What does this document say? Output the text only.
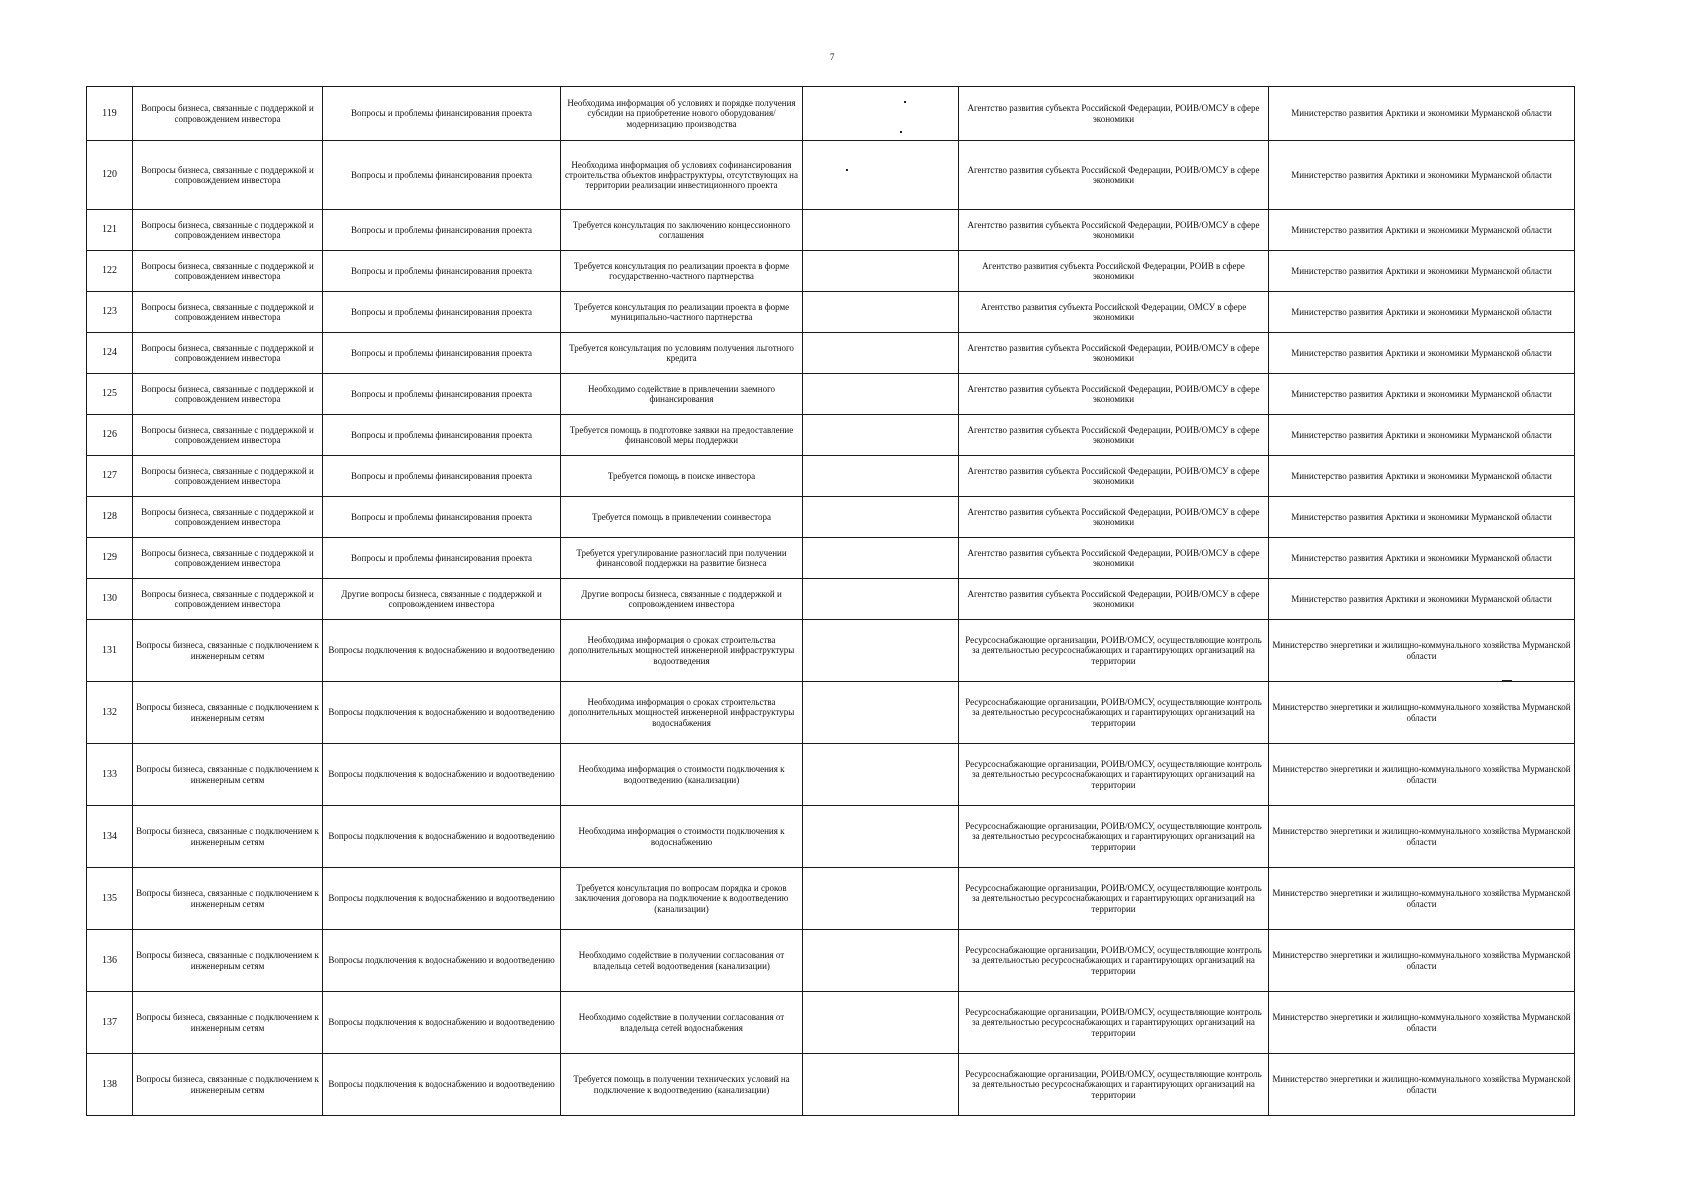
7
119	Вопросы бизнеса, связанные с поддержкой и сопровождением инвестора	Вопросы и проблемы финансирования проекта	Необходима информация об условиях и порядке получения субсидии на приобретение нового оборудования/модернизацию производства		Агентство развития субъекта Российской Федерации, РОИВ/ОМСУ в сфере экономики	Министерство развития Арктики и экономики Мурманской области
120	Вопросы бизнеса, связанные с поддержкой и сопровождением инвестора	Вопросы и проблемы финансирования проекта	Необходима информация об условиях софинансирования строительства объектов инфраструктуры, отсутствующих на территории реализации инвестиционного проекта		Агентство развития субъекта Российской Федерации, РОИВ/ОМСУ в сфере экономики	Министерство развития Арктики и экономики Мурманской области
121	Вопросы бизнеса, связанные с поддержкой и сопровождением инвестора	Вопросы и проблемы финансирования проекта	Требуется консультация по заключению концессионного соглашения		Агентство развития субъекта Российской Федерации, РОИВ/ОМСУ в сфере экономики	Министерство развития Арктики и экономики Мурманской области
122	Вопросы бизнеса, связанные с поддержкой и сопровождением инвестора	Вопросы и проблемы финансирования проекта	Требуется консультация по реализации проекта в форме государственно-частного партнерства		Агентство развития субъекта Российской Федерации, РОИВ в сфере экономики	Министерство развития Арктики и экономики Мурманской области
123	Вопросы бизнеса, связанные с поддержкой и сопровождением инвестора	Вопросы и проблемы финансирования проекта	Требуется консультация по реализации проекта в форме муниципально-частного партнерства		Агентство развития субъекта Российской Федерации, ОМСУ в сфере экономики	Министерство развития Арктики и экономики Мурманской области
124	Вопросы бизнеса, связанные с поддержкой и сопровождением инвестора	Вопросы и проблемы финансирования проекта	Требуется консультация по условиям получения льготного кредита		Агентство развития субъекта Российской Федерации, РОИВ/ОМСУ в сфере экономики	Министерство развития Арктики и экономики Мурманской области
125	Вопросы бизнеса, связанные с поддержкой и сопровождением инвестора	Вопросы и проблемы финансирования проекта	Необходимо содействие в привлечении заемного финансирования		Агентство развития субъекта Российской Федерации, РОИВ/ОМСУ в сфере экономики	Министерство развития Арктики и экономики Мурманской области
126	Вопросы бизнеса, связанные с поддержкой и сопровождением инвестора	Вопросы и проблемы финансирования проекта	Требуется помощь в подготовке заявки на предоставление финансовой меры поддержки		Агентство развития субъекта Российской Федерации, РОИВ/ОМСУ в сфере экономики	Министерство развития Арктики и экономики Мурманской области
127	Вопросы бизнеса, связанные с поддержкой и сопровождением инвестора	Вопросы и проблемы финансирования проекта	Требуется помощь в поиске инвестора		Агентство развития субъекта Российской Федерации, РОИВ/ОМСУ в сфере экономики	Министерство развития Арктики и экономики Мурманской области
128	Вопросы бизнеса, связанные с поддержкой и сопровождением инвестора	Вопросы и проблемы финансирования проекта	Требуется помощь в привлечении соинвестора		Агентство развития субъекта Российской Федерации, РОИВ/ОМСУ в сфере экономики	Министерство развития Арктики и экономики Мурманской области
129	Вопросы бизнеса, связанные с поддержкой и сопровождением инвестора	Вопросы и проблемы финансирования проекта	Требуется урегулирование разногласий при получении финансовой поддержки на развитие бизнеса		Агентство развития субъекта Российской Федерации, РОИВ/ОМСУ в сфере экономики	Министерство развития Арктики и экономики Мурманской области
130	Вопросы бизнеса, связанные с поддержкой и сопровождением инвестора	Другие вопросы бизнеса, связанные с поддержкой и сопровождением инвестора	Другие вопросы бизнеса, связанные с поддержкой и сопровождением инвестора		Агентство развития субъекта Российской Федерации, РОИВ/ОМСУ в сфере экономики	Министерство развития Арктики и экономики Мурманской области
131	Вопросы бизнеса, связанные с подключением к инженерным сетям	Вопросы подключения к водоснабжению и водоотведению	Необходима информация о сроках строительства дополнительных мощностей инженерной инфраструктуры водоотведения		Ресурсоснабжающие организации, РОИВ/ОМСУ, осуществляющие контроль за деятельностью ресурсоснабжающих и гарантирующих организаций на территории	Министерство энергетики и жилищно-коммунального хозяйства Мурманской области
132	Вопросы бизнеса, связанные с подключением к инженерным сетям	Вопросы подключения к водоснабжению и водоотведению	Необходима информация о сроках строительства дополнительных мощностей инженерной инфраструктуры водоснабжения		Ресурсоснабжающие организации, РОИВ/ОМСУ, осуществляющие контроль за деятельностью ресурсоснабжающих и гарантирующих организаций на территории	Министерство энергетики и жилищно-коммунального хозяйства Мурманской области
133	Вопросы бизнеса, связанные с подключением к инженерным сетям	Вопросы подключения к водоснабжению и водоотведению	Необходима информация о стоимости подключения к водоотведению (канализации)		Ресурсоснабжающие организации, РОИВ/ОМСУ, осуществляющие контроль за деятельностью ресурсоснабжающих и гарантирующих организаций на территории	Министерство энергетики и жилищно-коммунального хозяйства Мурманской области
134	Вопросы бизнеса, связанные с подключением к инженерным сетям	Вопросы подключения к водоснабжению и водоотведению	Необходима информация о стоимости подключения к водоснабжению		Ресурсоснабжающие организации, РОИВ/ОМСУ, осуществляющие контроль за деятельностью ресурсоснабжающих и гарантирующих организаций на территории	Министерство энергетики и жилищно-коммунального хозяйства Мурманской области
135	Вопросы бизнеса, связанные с подключением к инженерным сетям	Вопросы подключения к водоснабжению и водоотведению	Требуется консультация по вопросам порядка и сроков заключения договора на подключение к водоотведению (канализации)		Ресурсоснабжающие организации, РОИВ/ОМСУ, осуществляющие контроль за деятельностью ресурсоснабжающих и гарантирующих организаций на территории	Министерство энергетики и жилищно-коммунального хозяйства Мурманской области
136	Вопросы бизнеса, связанные с подключением к инженерным сетям	Вопросы подключения к водоснабжению и водоотведению	Необходимо содействие в получении согласования от владельца сетей водоотведения (канализации)		Ресурсоснабжающие организации, РОИВ/ОМСУ, осуществляющие контроль за деятельностью ресурсоснабжающих и гарантирующих организаций на территории	Министерство энергетики и жилищно-коммунального хозяйства Мурманской области
137	Вопросы бизнеса, связанные с подключением к инженерным сетям	Вопросы подключения к водоснабжению и водоотведению	Необходимо содействие в получении согласования от владельца сетей водоснабжения		Ресурсоснабжающие организации, РОИВ/ОМСУ, осуществляющие контроль за деятельностью ресурсоснабжающих и гарантирующих организаций на территории	Министерство энергетики и жилищно-коммунального хозяйства Мурманской области
138	Вопросы бизнеса, связанные с подключением к инженерным сетям	Вопросы подключения к водоснабжению и водоотведению	Требуется помощь в получении технических условий на подключение к водоотведению (канализации)		Ресурсоснабжающие организации, РОИВ/ОМСУ, осуществляющие контроль за деятельностью ресурсоснабжающих и гарантирующих организаций на территории	Министерство энергетики и жилищно-коммунального хозяйства Мурманской области
